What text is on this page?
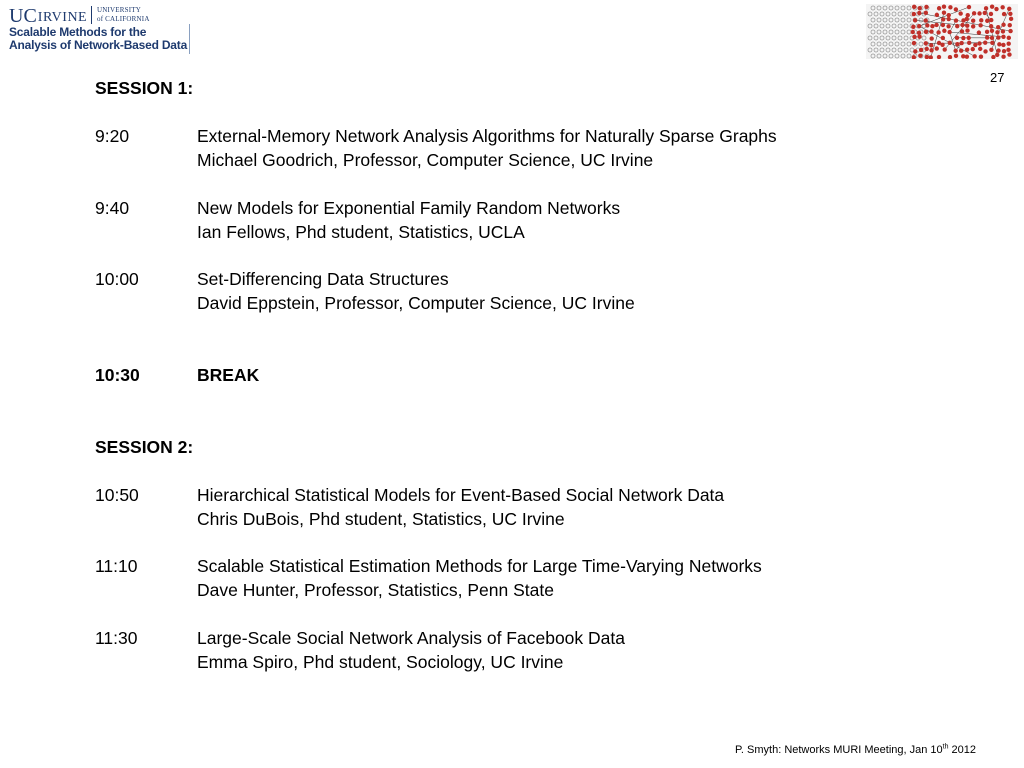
UC IRVINE UNIVERSITY
of CALIFORNIA
Scalable Methods for the
Analysis of Network-Based Data
27
SESSION 1:
9:20	External-Memory Network Analysis Algorithms for Naturally Sparse Graphs
Michael Goodrich, Professor, Computer Science, UC Irvine
9:40	New Models for Exponential Family Random Networks
Ian Fellows, Phd student, Statistics, UCLA
10:00	Set-Differencing Data Structures
David Eppstein, Professor, Computer Science, UC Irvine
10:30	BREAK
SESSION 2:
10:50	Hierarchical Statistical Models for Event-Based Social Network Data
Chris DuBois, Phd student, Statistics, UC Irvine
11:10	Scalable Statistical Estimation Methods for Large Time-Varying Networks
Dave Hunter, Professor, Statistics, Penn State
11:30	Large-Scale Social Network Analysis of Facebook Data
Emma Spiro, Phd student, Sociology, UC Irvine
P. Smyth: Networks MURI Meeting, Jan 10th 2012
